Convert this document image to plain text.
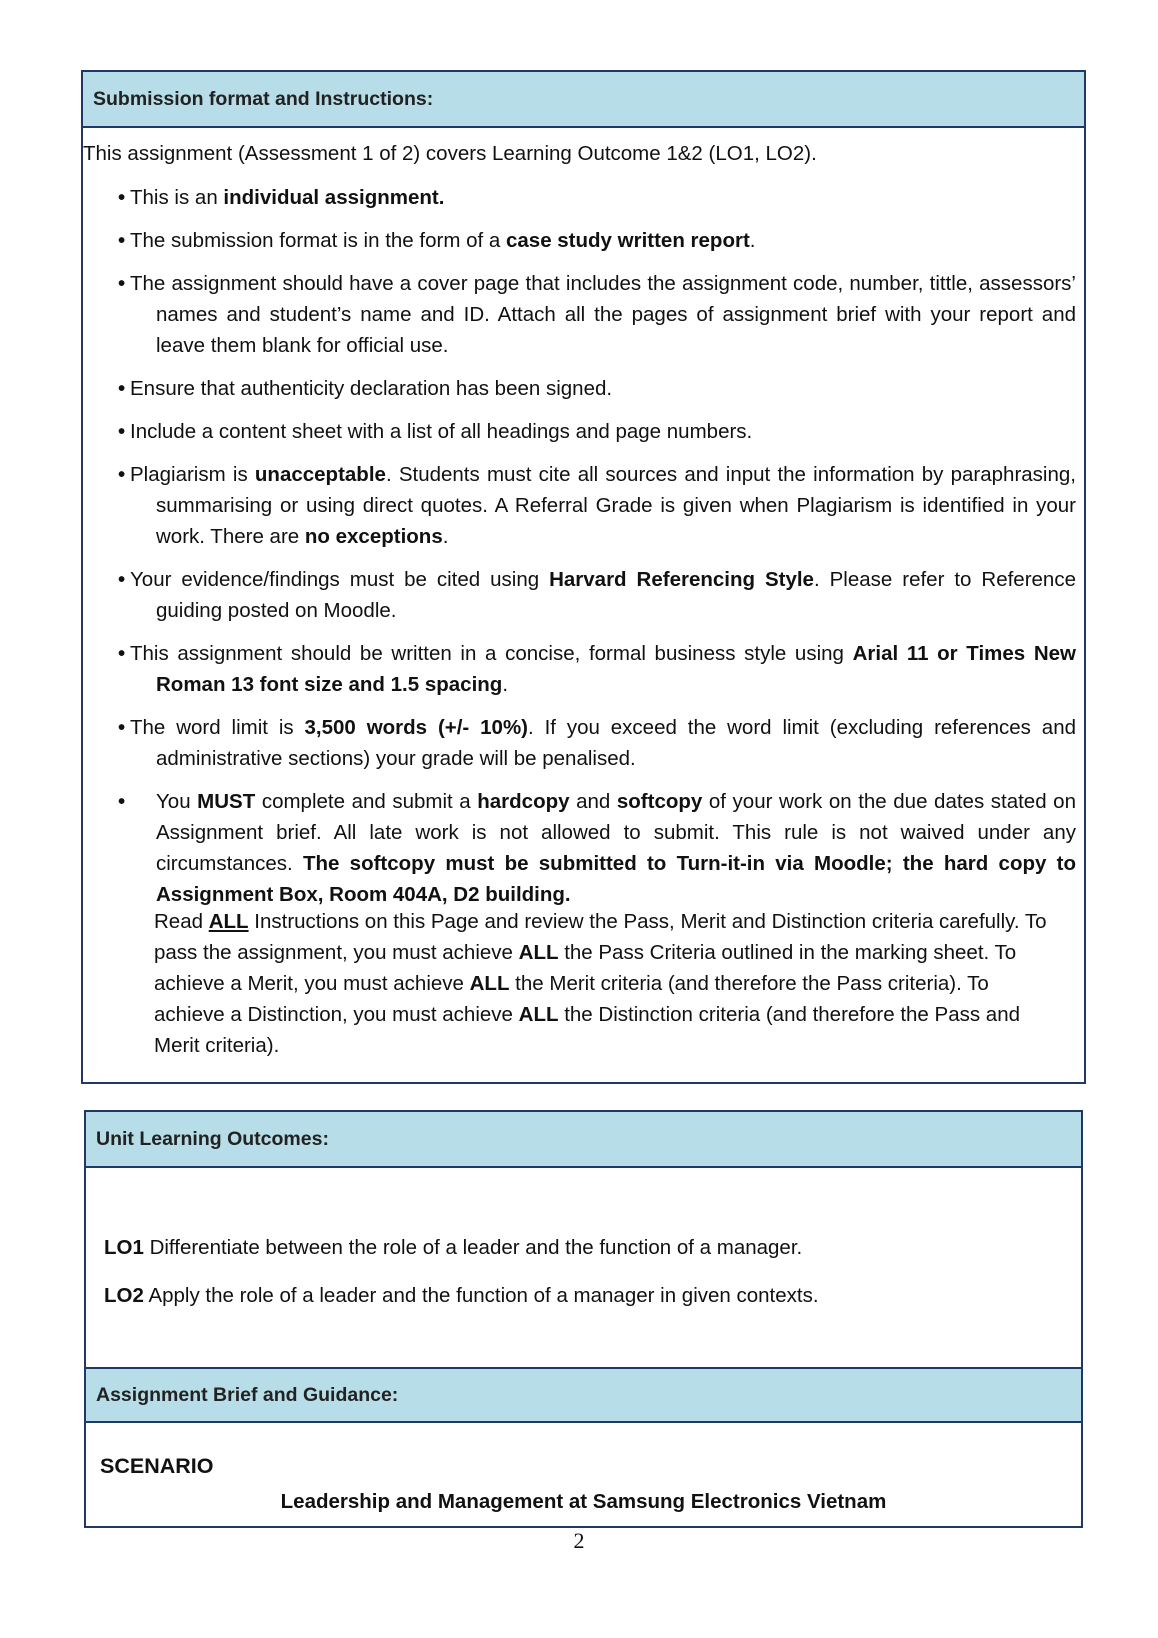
Submission format and Instructions:
This assignment (Assessment 1 of 2) covers Learning Outcome 1&2 (LO1, LO2).
• This is an individual assignment.
• The submission format is in the form of a case study written report.
• The assignment should have a cover page that includes the assignment code, number, tittle, assessors’ names and student’s name and ID. Attach all the pages of assignment brief with your report and leave them blank for official use.
• Ensure that authenticity declaration has been signed.
• Include a content sheet with a list of all headings and page numbers.
• Plagiarism is unacceptable. Students must cite all sources and input the information by paraphrasing, summarising or using direct quotes. A Referral Grade is given when Plagiarism is identified in your work. There are no exceptions.
• Your evidence/findings must be cited using Harvard Referencing Style. Please refer to Reference guiding posted on Moodle.
• This assignment should be written in a concise, formal business style using Arial 11 or Times New Roman 13 font size and 1.5 spacing.
• The word limit is 3,500 words (+/- 10%). If you exceed the word limit (excluding references and administrative sections) your grade will be penalised.
• You MUST complete and submit a hardcopy and softcopy of your work on the due dates stated on Assignment brief. All late work is not allowed to submit. This rule is not waived under any circumstances. The softcopy must be submitted to Turn-it-in via Moodle; the hard copy to Assignment Box, Room 404A, D2 building.
Read ALL Instructions on this Page and review the Pass, Merit and Distinction criteria carefully. To pass the assignment, you must achieve ALL the Pass Criteria outlined in the marking sheet. To achieve a Merit, you must achieve ALL the Merit criteria (and therefore the Pass criteria). To achieve a Distinction, you must achieve ALL the Distinction criteria (and therefore the Pass and Merit criteria).
Unit Learning Outcomes:
LO1 Differentiate between the role of a leader and the function of a manager.
LO2 Apply the role of a leader and the function of a manager in given contexts.
Assignment Brief and Guidance:
SCENARIO
Leadership and Management at Samsung Electronics Vietnam
2
